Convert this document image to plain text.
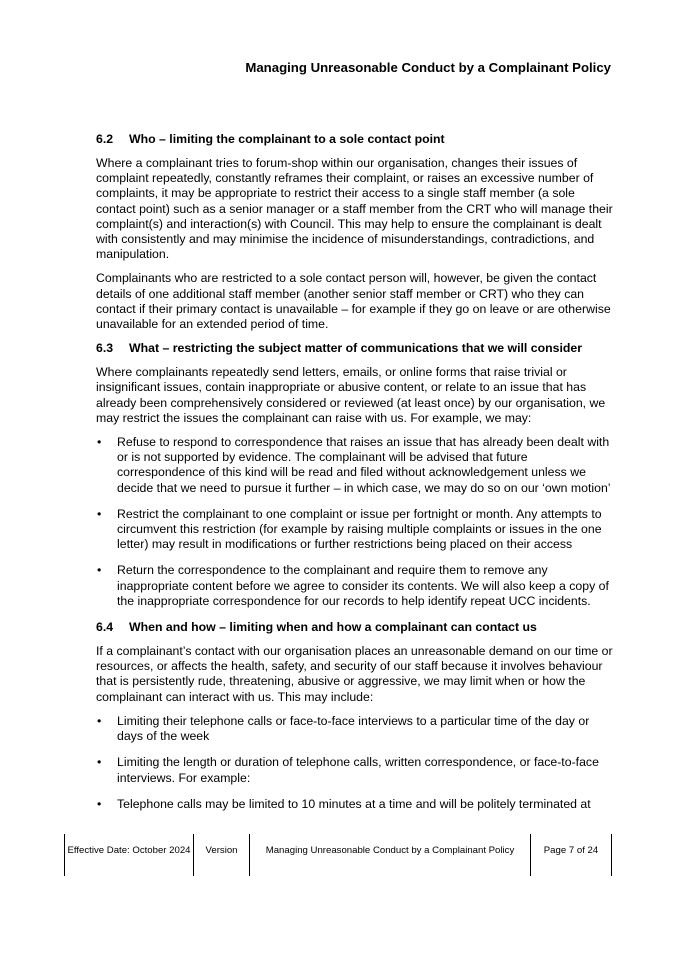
Managing Unreasonable Conduct by a Complainant Policy
6.2 Who – limiting the complainant to a sole contact point

Where a complainant tries to forum-shop within our organisation, changes their issues of complaint repeatedly, constantly reframes their complaint, or raises an excessive number of complaints, it may be appropriate to restrict their access to a single staff member (a sole contact point) such as a senior manager or a staff member from the CRT who will manage their complaint(s) and interaction(s) with Council. This may help to ensure the complainant is dealt with consistently and may minimise the incidence of misunderstandings, contradictions, and manipulation.

Complainants who are restricted to a sole contact person will, however, be given the contact details of one additional staff member (another senior staff member or CRT) who they can contact if their primary contact is unavailable – for example if they go on leave or are otherwise unavailable for an extended period of time.

6.3 What – restricting the subject matter of communications that we will consider

Where complainants repeatedly send letters, emails, or online forms that raise trivial or insignificant issues, contain inappropriate or abusive content, or relate to an issue that has already been comprehensively considered or reviewed (at least once) by our organisation, we may restrict the issues the complainant can raise with us. For example, we may:

• Refuse to respond to correspondence that raises an issue that has already been dealt with or is not supported by evidence. The complainant will be advised that future correspondence of this kind will be read and filed without acknowledgement unless we decide that we need to pursue it further – in which case, we may do so on our ‘own motion’
• Restrict the complainant to one complaint or issue per fortnight or month. Any attempts to circumvent this restriction (for example by raising multiple complaints or issues in the one letter) may result in modifications or further restrictions being placed on their access
• Return the correspondence to the complainant and require them to remove any inappropriate content before we agree to consider its contents. We will also keep a copy of the inappropriate correspondence for our records to help identify repeat UCC incidents.
6.4 When and how – limiting when and how a complainant can contact us

If a complainant’s contact with our organisation places an unreasonable demand on our time or resources, or affects the health, safety, and security of our staff because it involves behaviour that is persistently rude, threatening, abusive or aggressive, we may limit when or how the complainant can interact with us. This may include:

• Limiting their telephone calls or face-to-face interviews to a particular time of the day or days of the week
• Limiting the length or duration of telephone calls, written correspondence, or face-to-face interviews. For example:
• Telephone calls may be limited to 10 minutes at a time and will be politely terminated at
Effective Date: October 2024 Version	Managing Unreasonable Conduct by a Complainant Policy	Page 7 of 24
